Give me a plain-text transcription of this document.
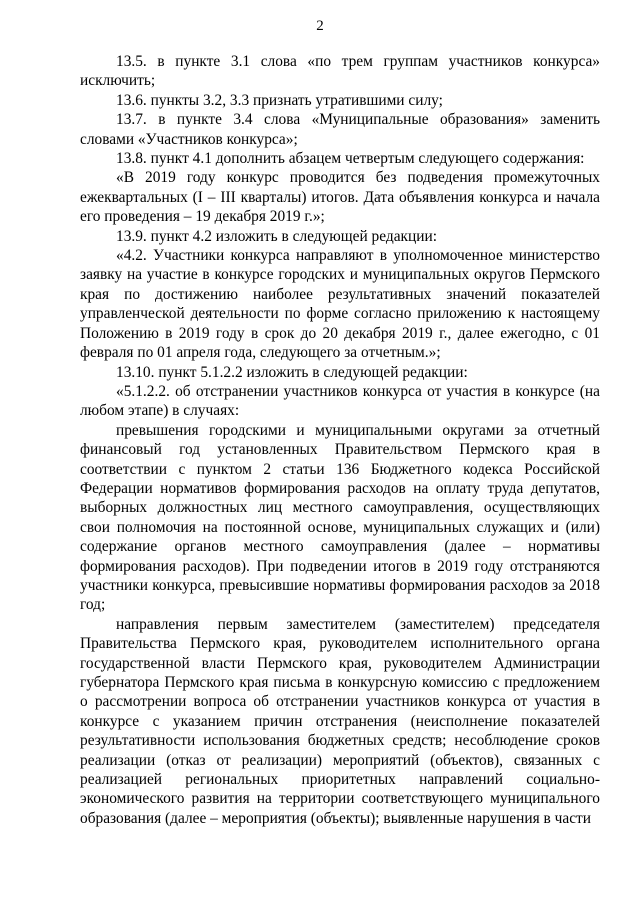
2

13.5. в пункте 3.1 слова «по трем группам участников конкурса» исключить;

13.6. пункты 3.2, 3.3 признать утратившими силу;

13.7. в пункте 3.4 слова «Муниципальные образования» заменить словами «Участников конкурса»;

13.8. пункт 4.1 дополнить абзацем четвертым следующего содержания:

«В 2019 году конкурс проводится без подведения промежуточных ежеквартальных (I – III кварталы) итогов. Дата объявления конкурса и начала его проведения – 19 декабря 2019 г.»;

13.9. пункт 4.2 изложить в следующей редакции:

«4.2. Участники конкурса направляют в уполномоченное министерство заявку на участие в конкурсе городских и муниципальных округов Пермского края по достижению наиболее результативных значений показателей управленческой деятельности по форме согласно приложению к настоящему Положению в 2019 году в срок до 20 декабря 2019 г., далее ежегодно, с 01 февраля по 01 апреля года, следующего за отчетным.»;

13.10. пункт 5.1.2.2 изложить в следующей редакции:

«5.1.2.2. об отстранении участников конкурса от участия в конкурсе (на любом этапе) в случаях:

превышения городскими и муниципальными округами за отчетный финансовый год установленных Правительством Пермского края в соответствии с пунктом 2 статьи 136 Бюджетного кодекса Российской Федерации нормативов формирования расходов на оплату труда депутатов, выборных должностных лиц местного самоуправления, осуществляющих свои полномочия на постоянной основе, муниципальных служащих и (или) содержание органов местного самоуправления (далее – нормативы формирования расходов). При подведении итогов в 2019 году отстраняются участники конкурса, превысившие нормативы формирования расходов за 2018 год;

направления первым заместителем (заместителем) председателя Правительства Пермского края, руководителем исполнительного органа государственной власти Пермского края, руководителем Администрации губернатора Пермского края письма в конкурсную комиссию с предложением о рассмотрении вопроса об отстранении участников конкурса от участия в конкурсе с указанием причин отстранения (неисполнение показателей результативности использования бюджетных средств; несоблюдение сроков реализации (отказ от реализации) мероприятий (объектов), связанных с реализацией региональных приоритетных направлений социально-экономического развития на территории соответствующего муниципального образования (далее – мероприятия (объекты); выявленные нарушения в части
